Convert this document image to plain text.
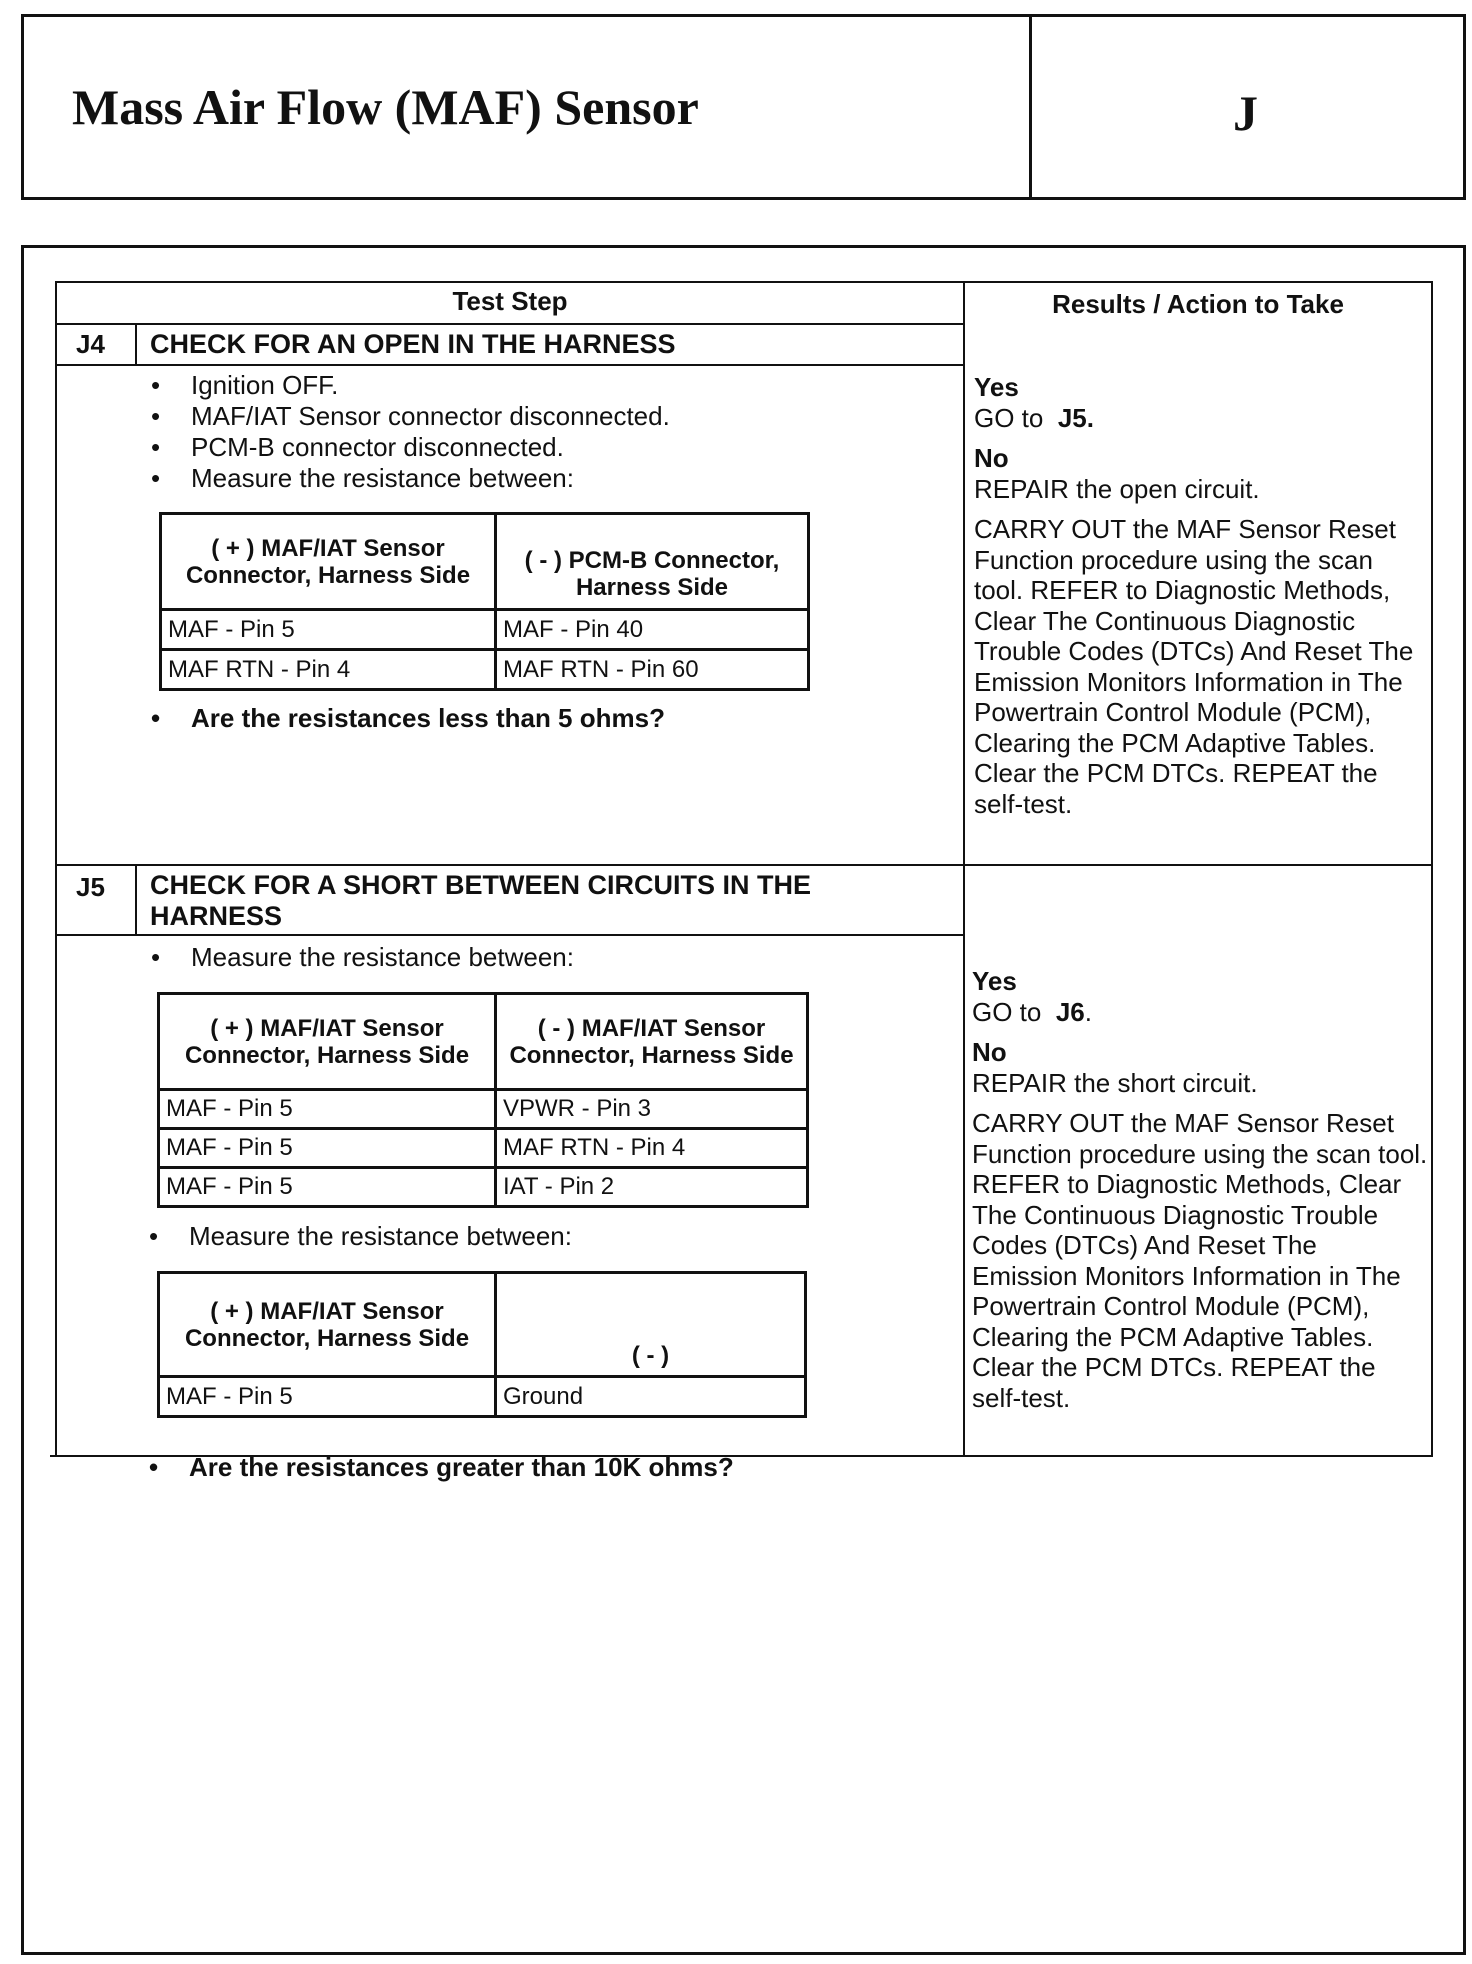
Mass Air Flow (MAF) Sensor	J
Test Step	Results / Action to Take
J4 CHECK FOR AN OPEN IN THE HARNESS
• Ignition OFF.
• MAF/IAT Sensor connector disconnected.
• PCM-B connector disconnected.
• Measure the resistance between:
( + ) MAF/IAT Sensor Connector, Harness Side	( - ) PCM-B Connector, Harness Side
MAF - Pin 5	MAF - Pin 40
MAF RTN - Pin 4	MAF RTN - Pin 60
• Are the resistances less than 5 ohms?

Yes

GO to J5.

No

REPAIR the open circuit.

CARRY OUT the MAF Sensor Reset Function procedure using the scan tool. REFER to Diagnostic Methods, Clear The Continuous Diagnostic Trouble Codes (DTCs) And Reset The Emission Monitors Information in The Powertrain Control Module (PCM), Clearing the PCM Adaptive Tables.

Clear the PCM DTCs. REPEAT the self-test.

J5 CHECK FOR A SHORT BETWEEN CIRCUITS IN THE HARNESS
• Measure the resistance between:
( + ) MAF/IAT Sensor Connector, Harness Side	( - ) MAF/IAT Sensor Connector, Harness Side
MAF - Pin 5	VPWR - Pin 3
MAF - Pin 5	MAF RTN - Pin 4
MAF - Pin 5	IAT - Pin 2
• Measure the resistance between:
( + ) MAF/IAT Sensor Connector, Harness Side	( - )
MAF - Pin 5	Ground
• Are the resistances greater than 10K ohms?

Yes

GO to J6.

No

REPAIR the short circuit.

CARRY OUT the MAF Sensor Reset Function procedure using the scan tool. REFER to Diagnostic Methods, Clear The Continuous Diagnostic Trouble Codes (DTCs) And Reset The Emission Monitors Information in The Powertrain Control Module (PCM), Clearing the PCM Adaptive Tables.

Clear the PCM DTCs. REPEAT the self-test.
